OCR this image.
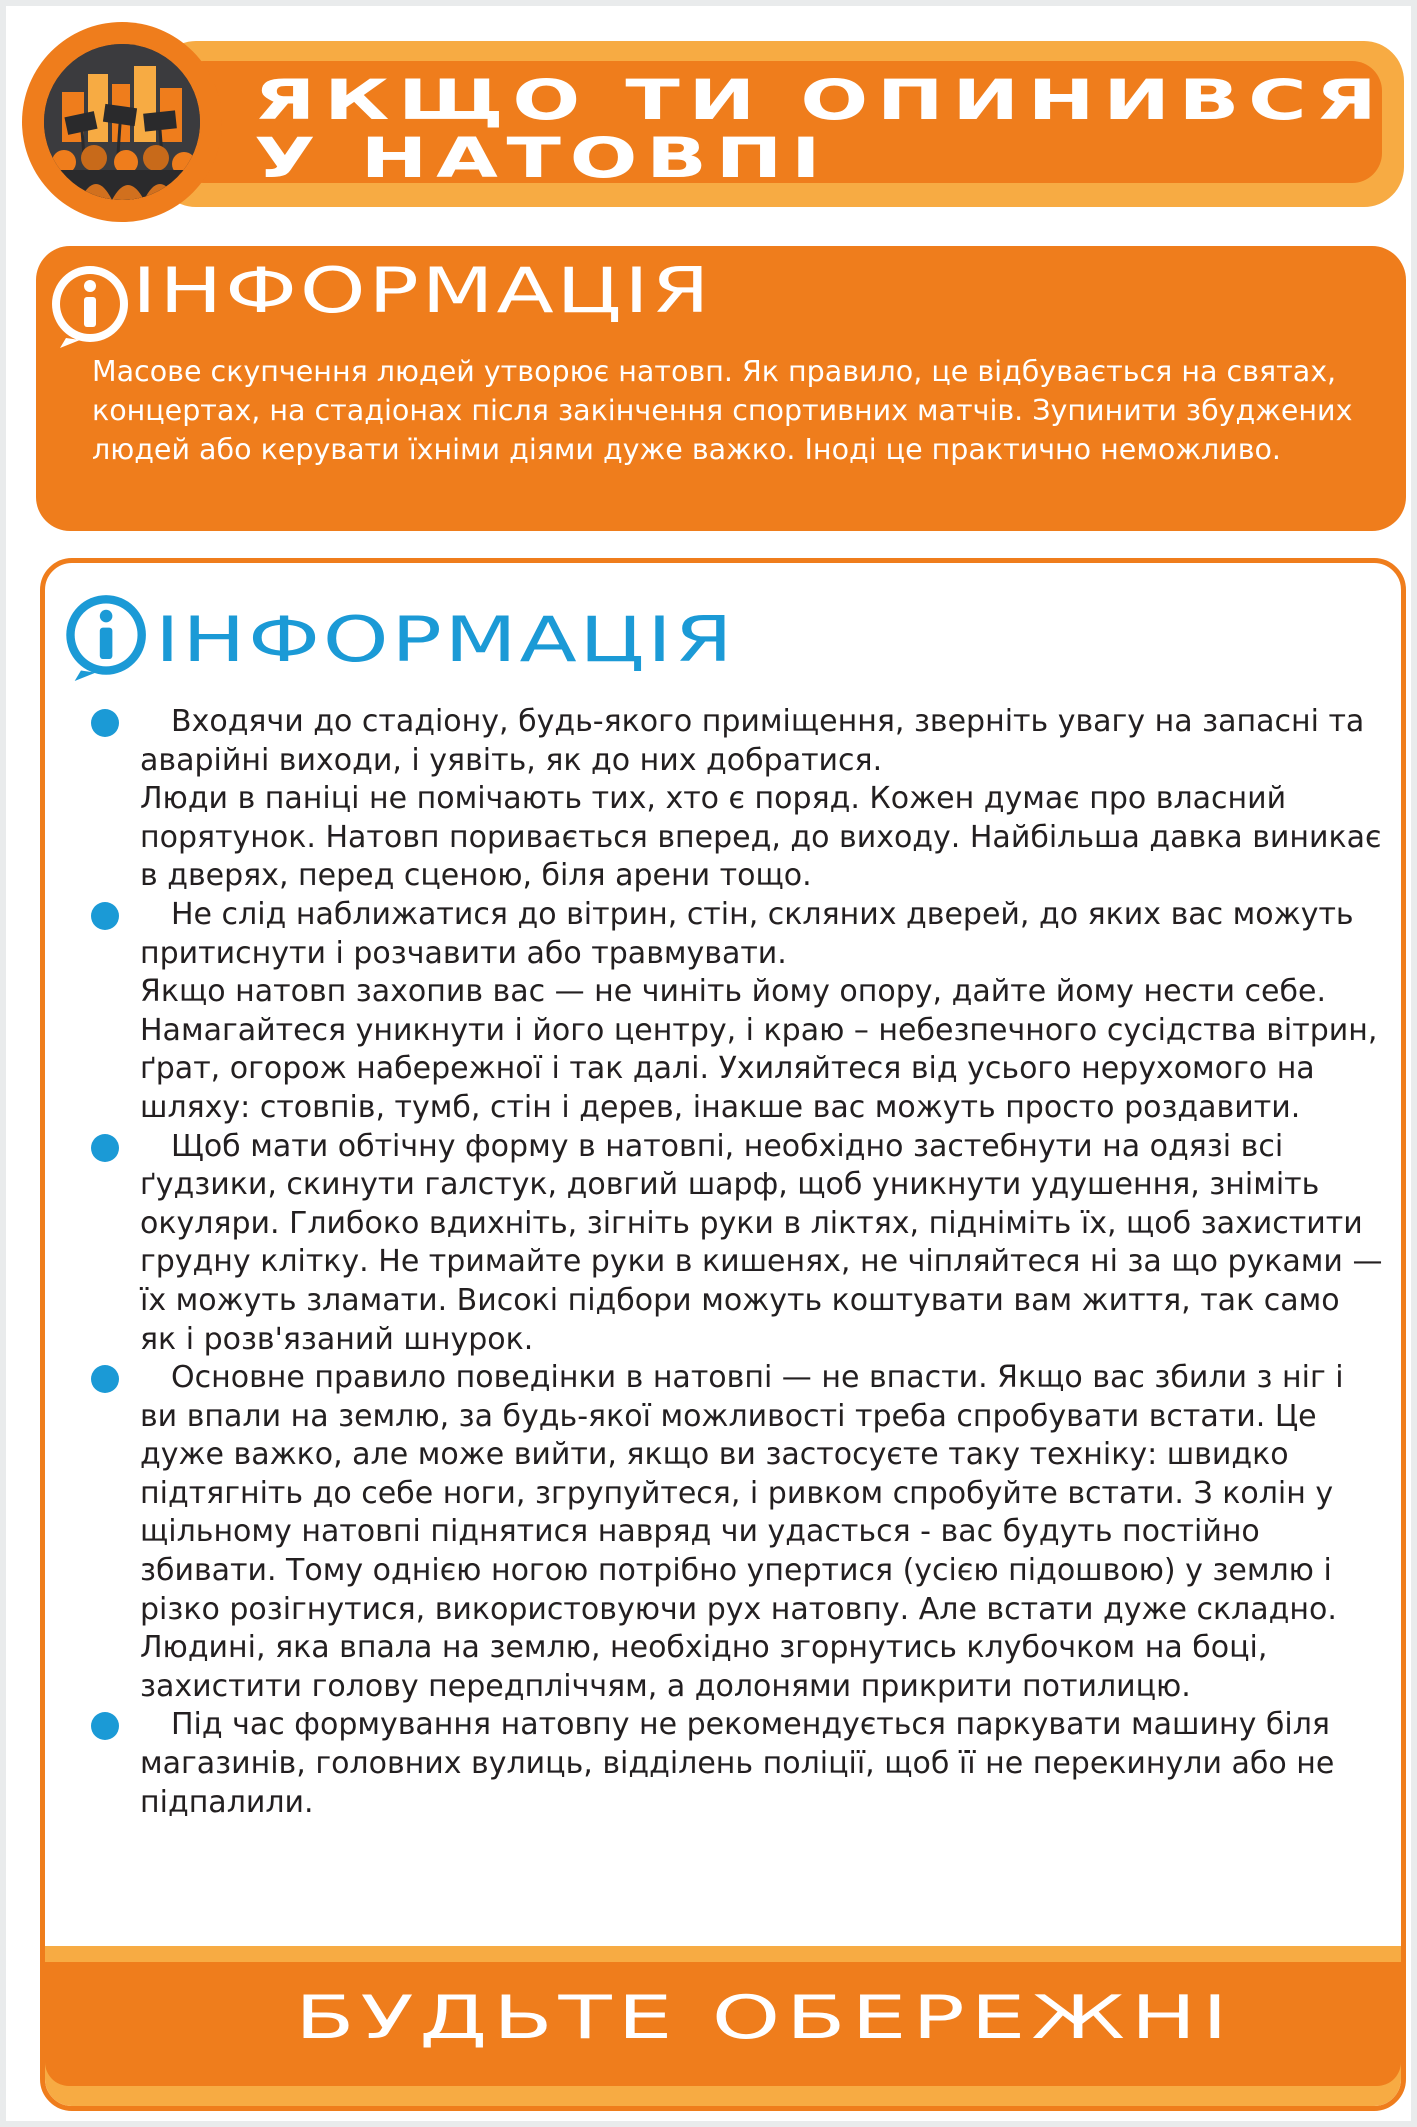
ЯКЩО ТИ ОПИНИВСЯ
У НАТОВПІ
ІНФОРМАЦІЯ
Масове скупчення людей утворює натовп. Як правило, це відбувається на святах, концертах, на стадіонах після закінчення спортивних матчів. Зупинити збуджених людей або керувати їхніми діями дуже важко. Іноді це практично неможливо.
ІНФОРМАЦІЯ

Входячи до стадіону, будь-якого приміщення, зверніть увагу на запасні та аварійні виходи, і уявіть, як до них добратися.

Люди в паніці не помічають тих, хто є поряд. Кожен думає про власний порятунок. Натовп поривається вперед, до виходу. Найбільша давка виникає в дверях, перед сценою, біля арени тощо.

Не слід наближатися до вітрин, стін, скляних дверей, до яких вас можуть притиснути і розчавити або травмувати.

Якщо натовп захопив вас — не чиніть йому опору, дайте йому нести себе. Намагайтеся уникнути і його центру, і краю – небезпечного сусідства вітрин, ґрат, огорож набережної і так далі. Ухиляйтеся від усього нерухомого на шляху: стовпів, тумб, стін і дерев, інакше вас можуть просто роздавити.

Щоб мати обтічну форму в натовпі, необхідно застебнути на одязі всі ґудзики, скинути галстук, довгий шарф, щоб уникнути удушення, зніміть окуляри. Глибоко вдихніть, зігніть руки в ліктях, підніміть їх, щоб захистити грудну клітку. Не тримайте руки в кишенях, не чіпляйтеся ні за що руками — їх можуть зламати. Високі підбори можуть коштувати вам життя, так само як і розв'язаний шнурок.

Основне правило поведінки в натовпі — не впасти. Якщо вас збили з ніг і ви впали на землю, за будь-якої можливості треба спробувати встати. Це дуже важко, але може вийти, якщо ви застосуєте таку техніку: швидко підтягніть до себе ноги, згрупуйтеся, і ривком спробуйте встати. З колін у щільному натовпі піднятися навряд чи удасться - вас будуть постійно збивати. Тому однією ногою потрібно упертися (усією підошвою) у землю і різко розігнутися, використовуючи рух натовпу. Але встати дуже складно. Людині, яка впала на землю, необхідно згорнутись клубочком на боці, захистити голову передпліччям, а долонями прикрити потилицю.

Під час формування натовпу не рекомендується паркувати машину біля магазинів, головних вулиць, відділень поліції, щоб її не перекинули або не підпалили.

БУДЬТЕ ОБЕРЕЖНІ
